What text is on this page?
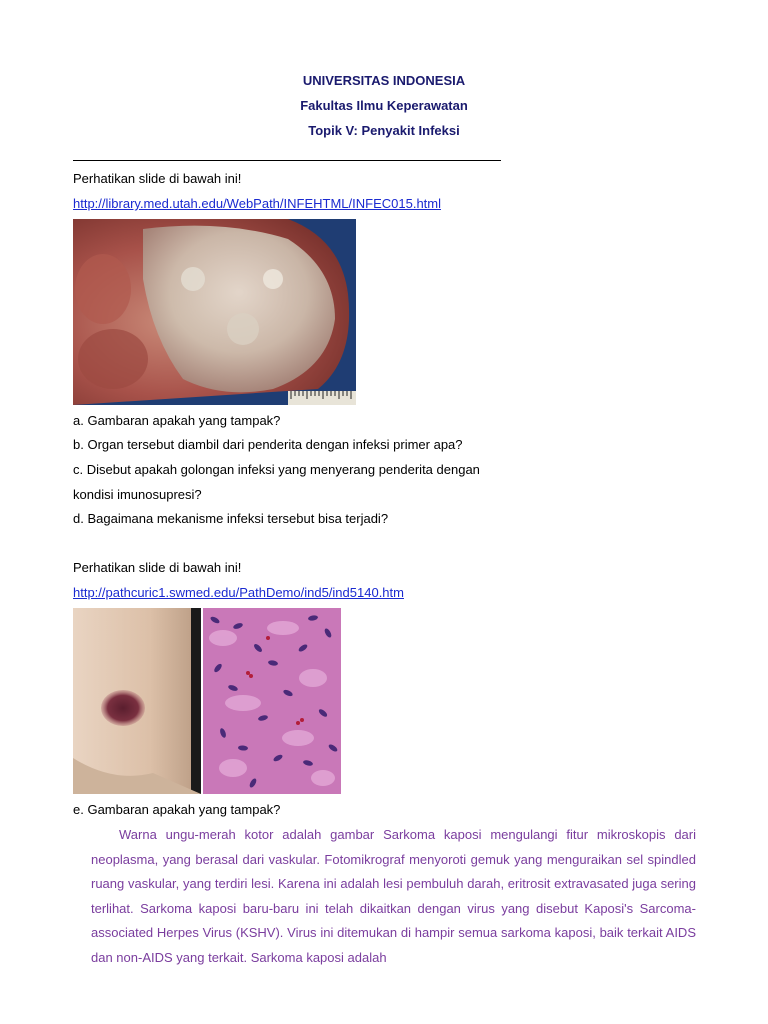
UNIVERSITAS INDONESIA
Fakultas Ilmu Keperawatan
Topik V: Penyakit Infeksi
Perhatikan slide di bawah ini!
http://library.med.utah.edu/WebPath/INFEHTML/INFEC015.html
a. Gambaran apakah yang tampak?
b. Organ tersebut diambil dari penderita dengan infeksi primer apa?
c. Disebut apakah golongan infeksi yang menyerang penderita dengan
kondisi imunosupresi?
d. Bagaimana mekanisme infeksi tersebut bisa terjadi?
Perhatikan slide di bawah ini!
http://pathcuric1.swmed.edu/PathDemo/ind5/ind5140.htm
e. Gambaran apakah yang tampak?
Warna ungu-merah kotor adalah gambar Sarkoma kaposi mengulangi fitur mikroskopis dari neoplasma, yang berasal dari vaskular. Fotomikrograf menyoroti gemuk yang menguraikan sel spindled ruang vaskular, yang terdiri lesi. Karena ini adalah lesi pembuluh darah, eritrosit extravasated juga sering terlihat. Sarkoma kaposi baru-baru ini telah dikaitkan dengan virus yang disebut Kaposi's Sarcoma-associated Herpes Virus (KSHV). Virus ini ditemukan di hampir semua sarkoma kaposi, baik terkait AIDS dan non-AIDS yang terkait. Sarkoma kaposi adalah
